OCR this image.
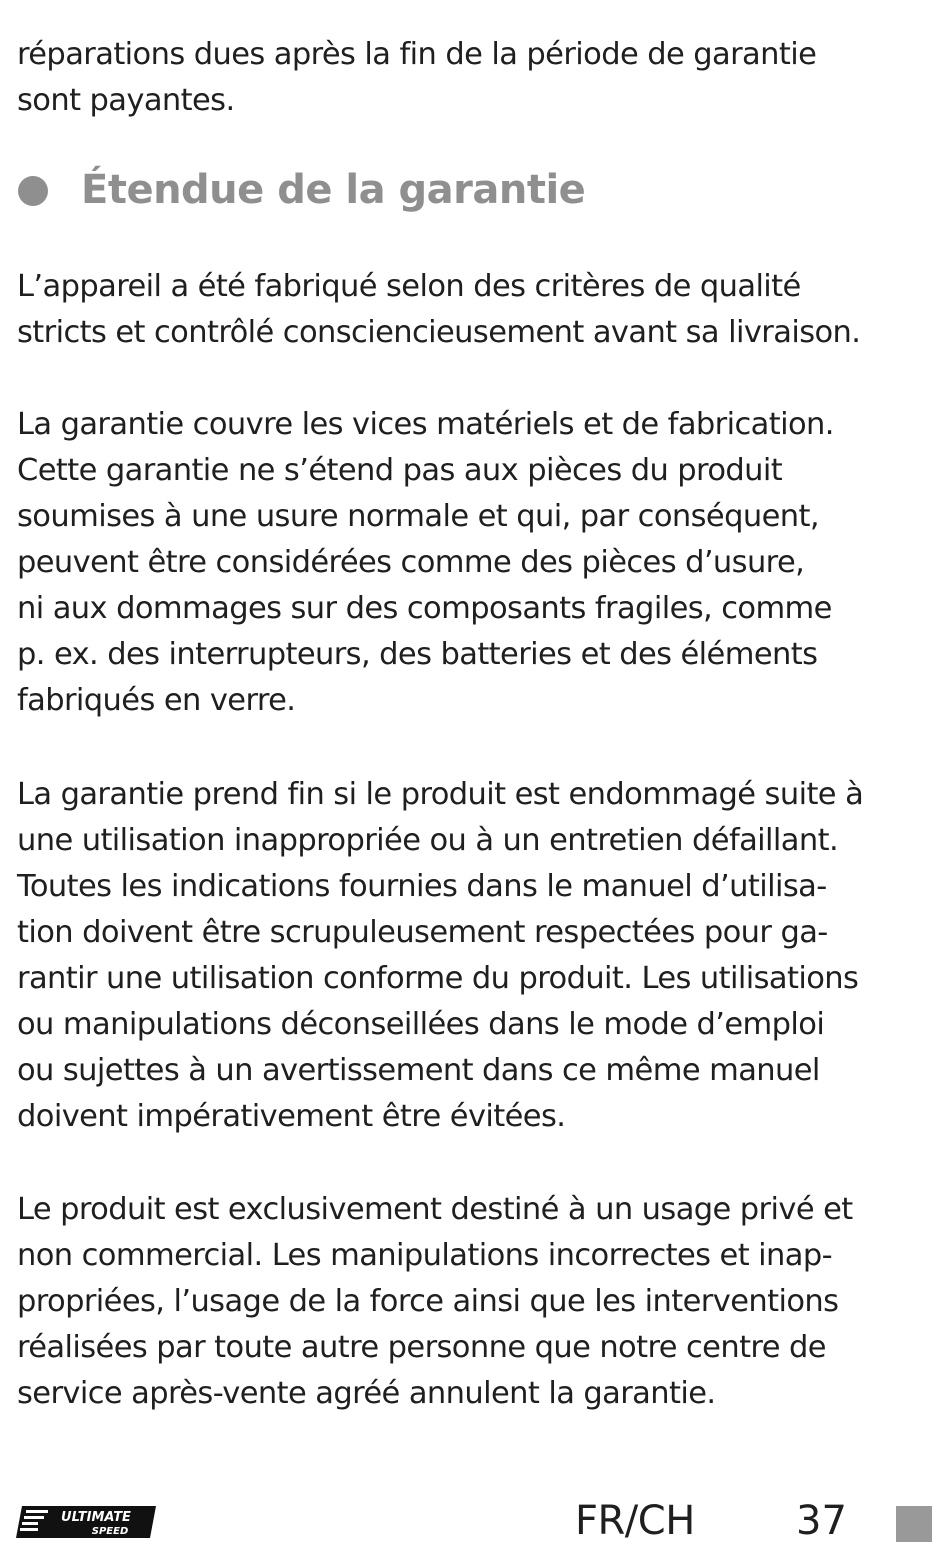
réparations dues après la fin de la période de garantie
sont payantes.
Étendue de la garantie
L’appareil a été fabriqué selon des critères de qualité
stricts et contrôlé consciencieusement avant sa livraison.
La garantie couvre les vices matériels et de fabrication.
Cette garantie ne s’étend pas aux pièces du produit
soumises à une usure normale et qui, par conséquent,
peuvent être considérées comme des pièces d’usure,
ni aux dommages sur des composants fragiles, comme
p. ex. des interrupteurs, des batteries et des éléments
fabriqués en verre.
La garantie prend fin si le produit est endommagé suite à
une utilisation inappropriée ou à un entretien défaillant.
Toutes les indications fournies dans le manuel d’utilisa-
tion doivent être scrupuleusement respectées pour ga-
rantir une utilisation conforme du produit. Les utilisations
ou manipulations déconseillées dans le mode d’emploi
ou sujettes à un avertissement dans ce même manuel
doivent impérativement être évitées.
Le produit est exclusivement destiné à un usage privé et
non commercial. Les manipulations incorrectes et inap-
propriées, l’usage de la force ainsi que les interventions
réalisées par toute autre personne que notre centre de
service après-vente agréé annulent la garantie.
ULTIMATE
SPEED	FR/CH	37
